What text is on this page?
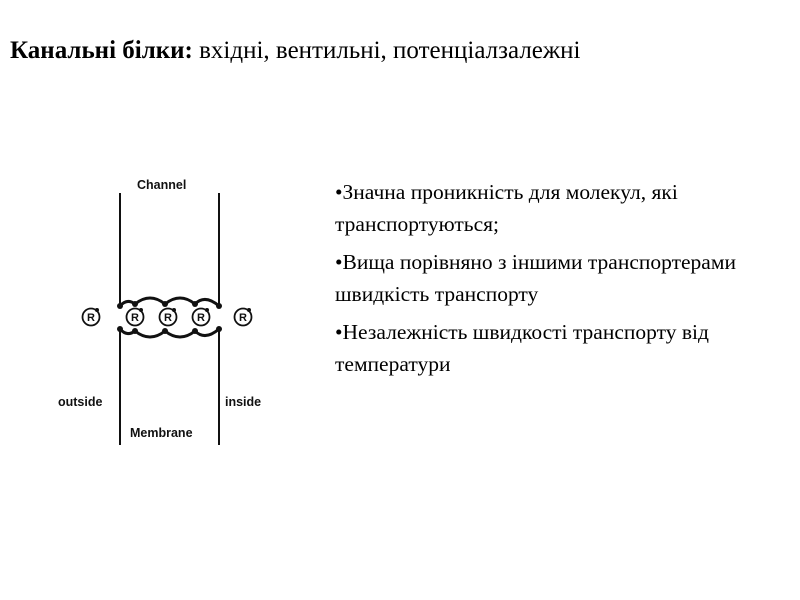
Канальні білки: вхідні, вентильні, потенціалзалежні
Channel
outside	inside
Membrane
R	R R R	R
•Значна проникність для молекул, які транспортуються;
•Вища порівняно з іншими транспортерами швидкість транспорту
•Незалежність швидкості транспорту від температури
